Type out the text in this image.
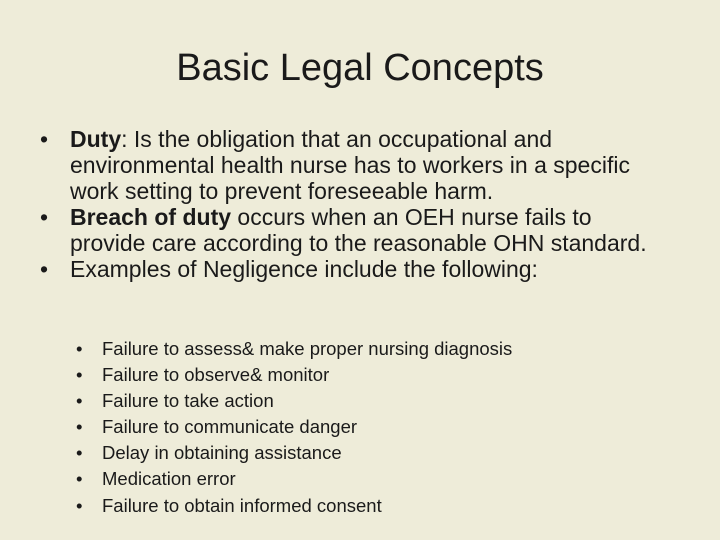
Basic Legal Concepts
• Duty: Is the obligation that an occupational and environmental health nurse has to workers in a specific work setting to prevent foreseeable harm.
• Breach of duty occurs when an OEH nurse fails to provide care according to the reasonable OHN standard.
• Examples of Negligence include the following:
• Failure to assess& make proper nursing diagnosis
• Failure to observe& monitor
• Failure to take action
• Failure to communicate danger
• Delay in obtaining assistance
• Medication error
• Failure to obtain informed consent
